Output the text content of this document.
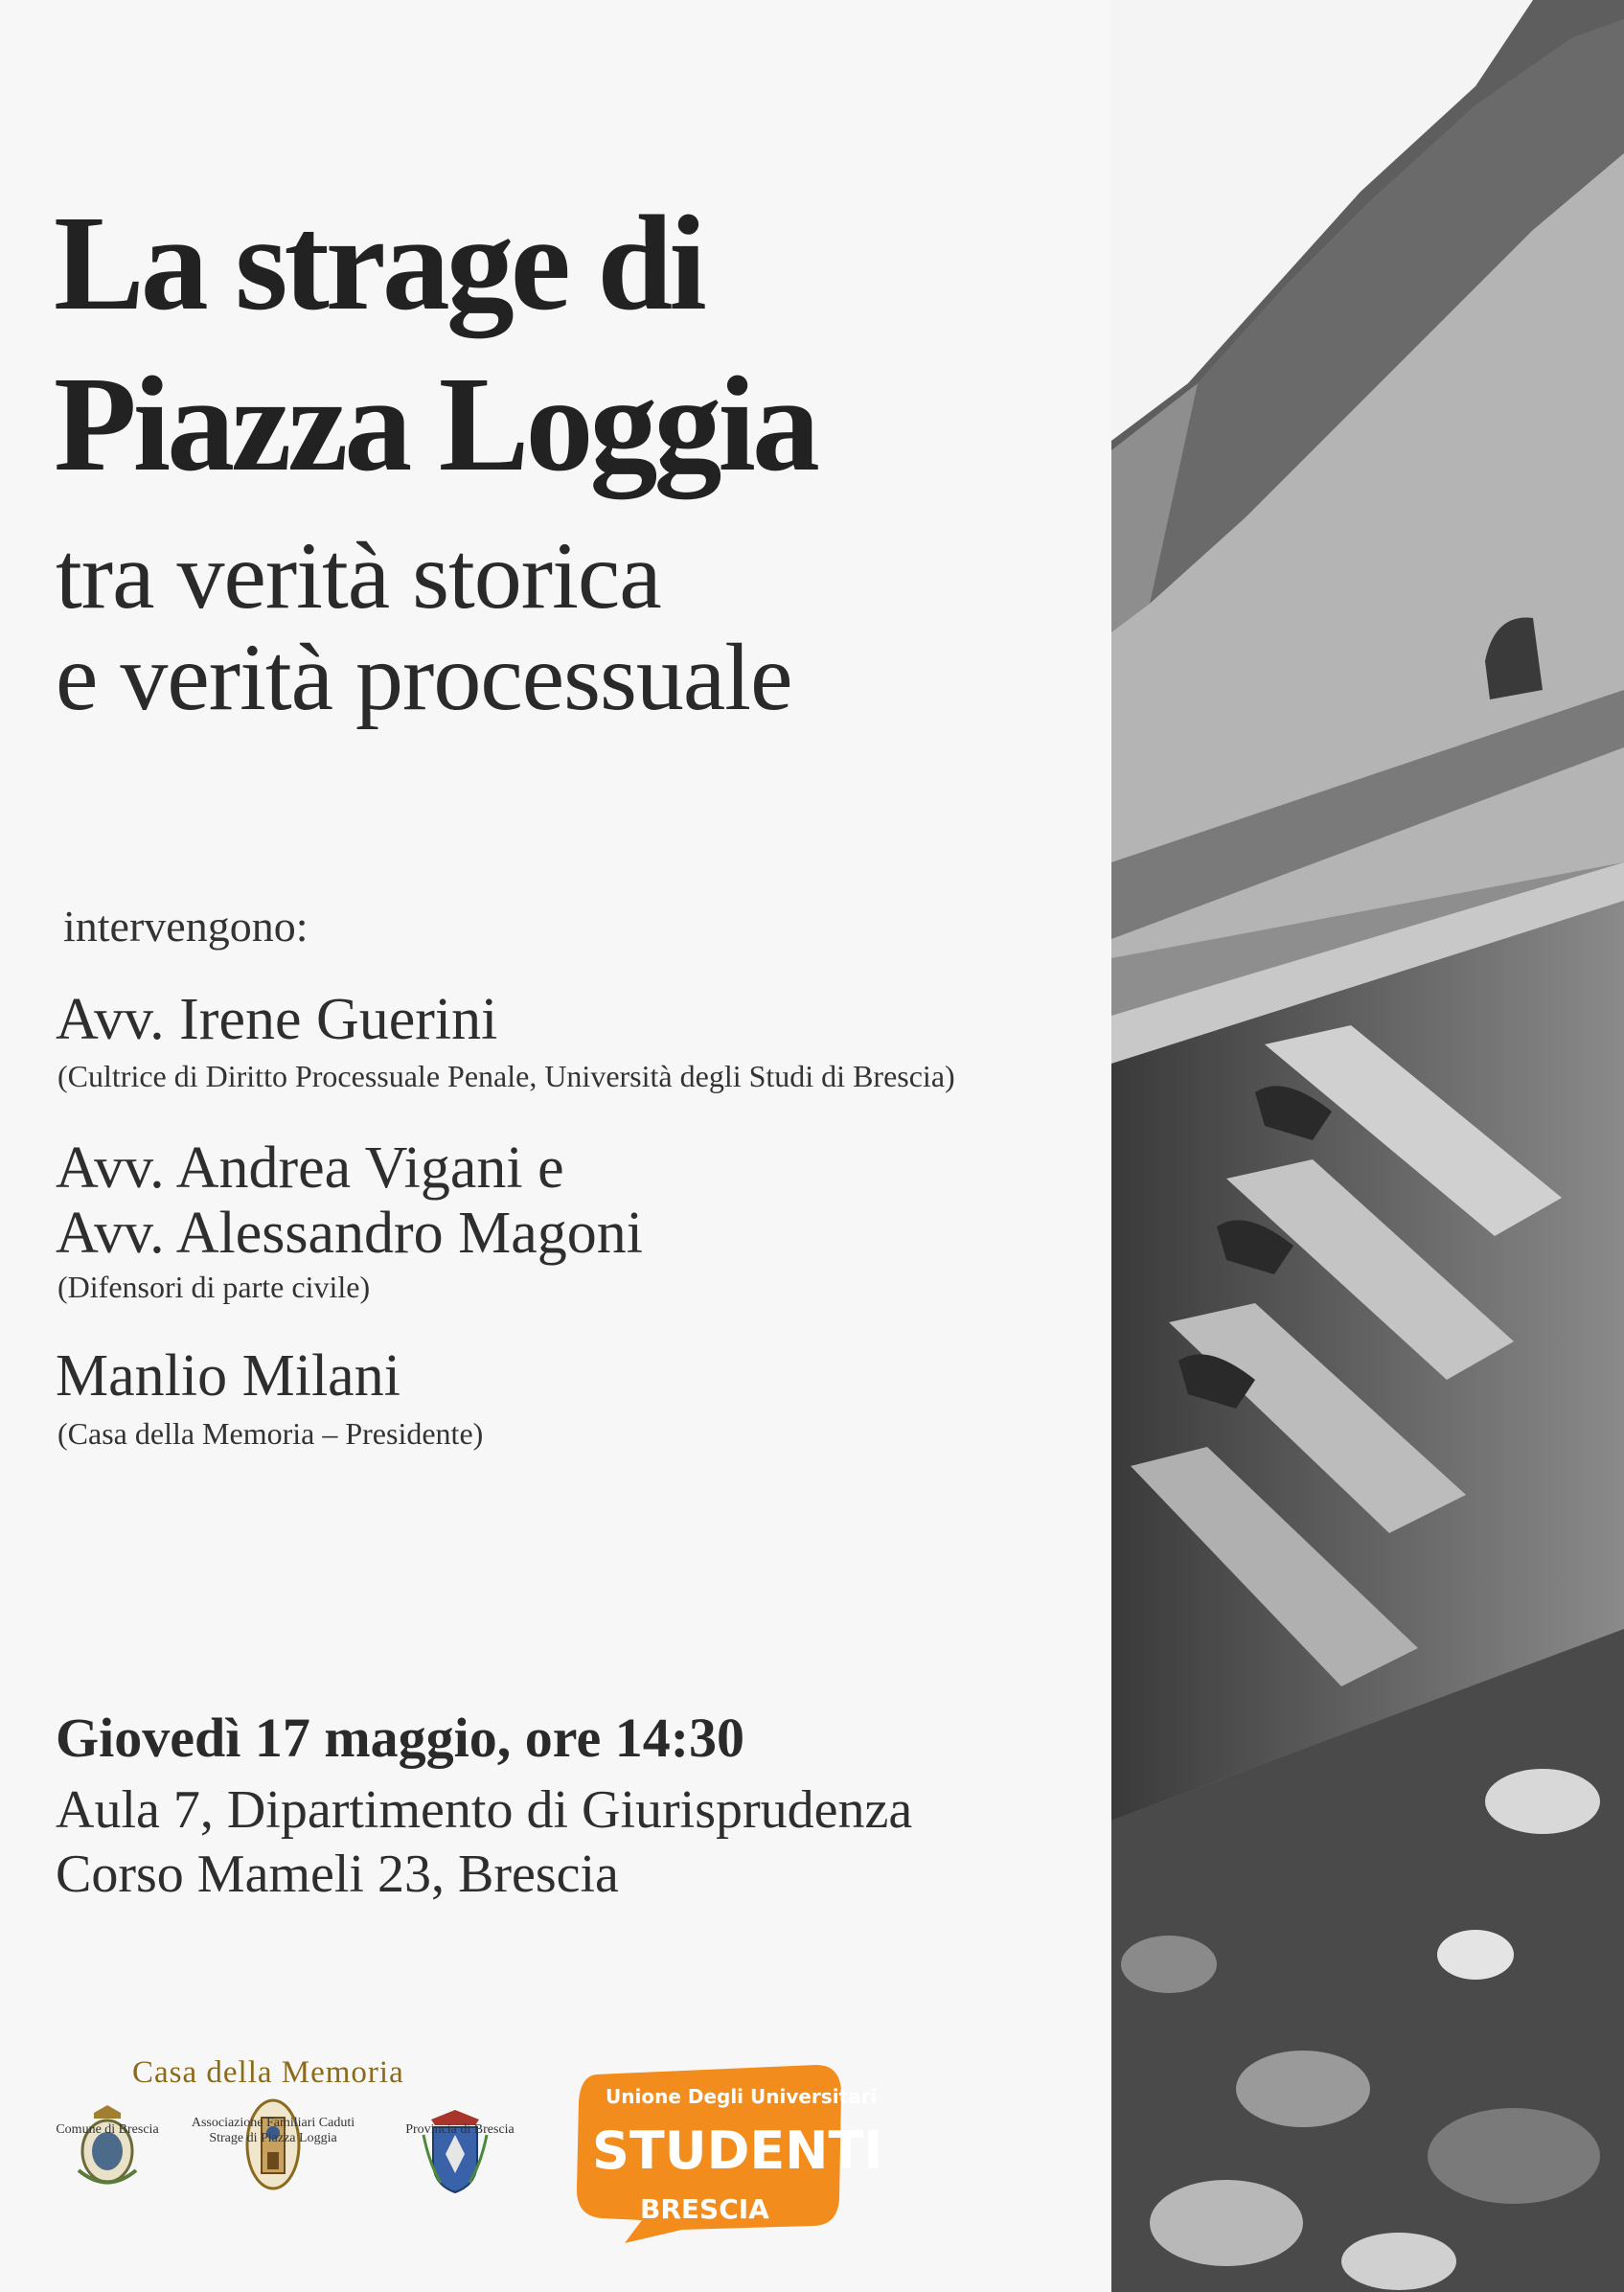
La strage di
Piazza Loggia
tra verità storica
e verità processuale
intervengono:
Avv. Irene Guerini
(Cultrice di Diritto Processuale Penale, Università degli Studi di Brescia)
Avv. Andrea Vigani e
Avv. Alessandro Magoni
(Difensori di parte civile)
Manlio Milani
(Casa della Memoria – Presidente)
Giovedì 17 maggio, ore 14:30
Aula 7, Dipartimento di Giurisprudenza
Corso Mameli 23, Brescia
Casa della Memoria
Unione Degli Universitari
STUDENTI
BRESCIA
Comune di Brescia	Associazione Familiari Caduti
Strage di Piazza Loggia
Provincia di Brescia
